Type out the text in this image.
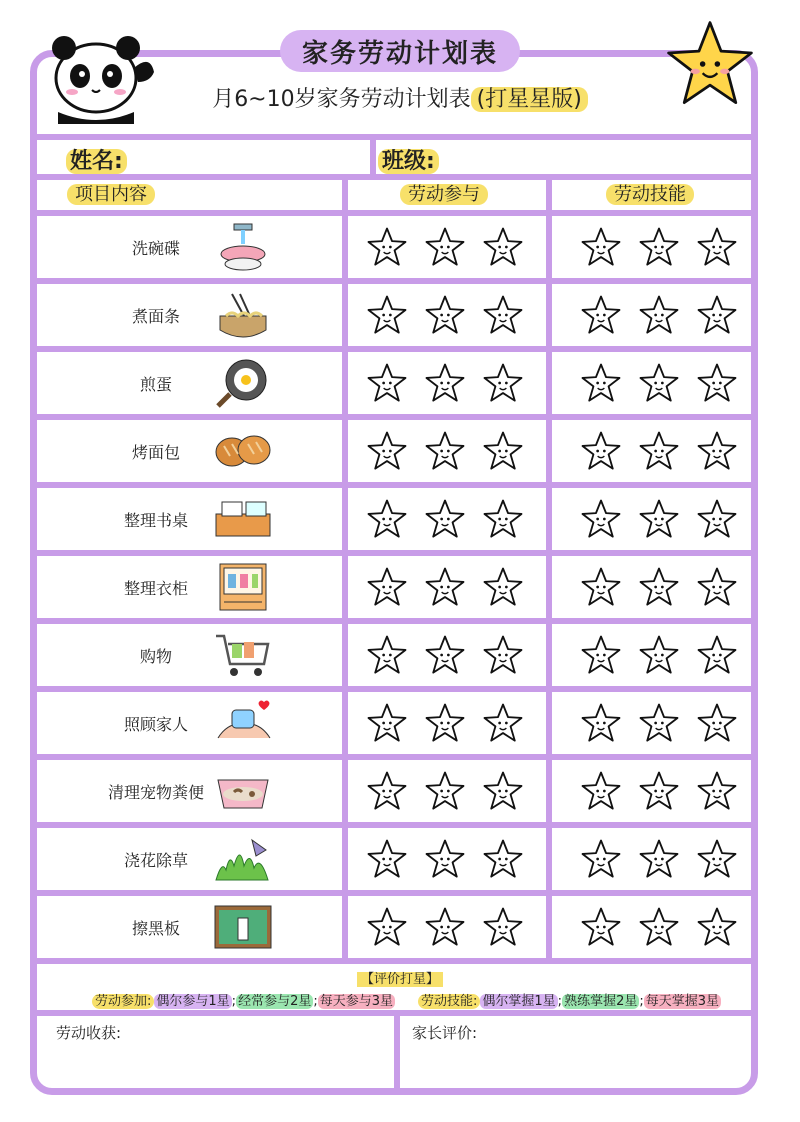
家务劳动计划表
月6~10岁家务劳动计划表 (打星星版)
姓名:	班级:
项目内容	劳动参与	劳动技能
洗碗碟
煮面条
煎蛋
烤面包
整理书桌
整理衣柜
购物
照顾家人
清理宠物粪便
浇花除草
擦黑板
【评价打星】
劳动参加: 偶尔参与1星 ; 经常参与2星 ; 每天参与3星 劳动技能: 偶尔掌握1星 ; 熟练掌握2星 ; 每天掌握3星
劳动收获:	家长评价:
